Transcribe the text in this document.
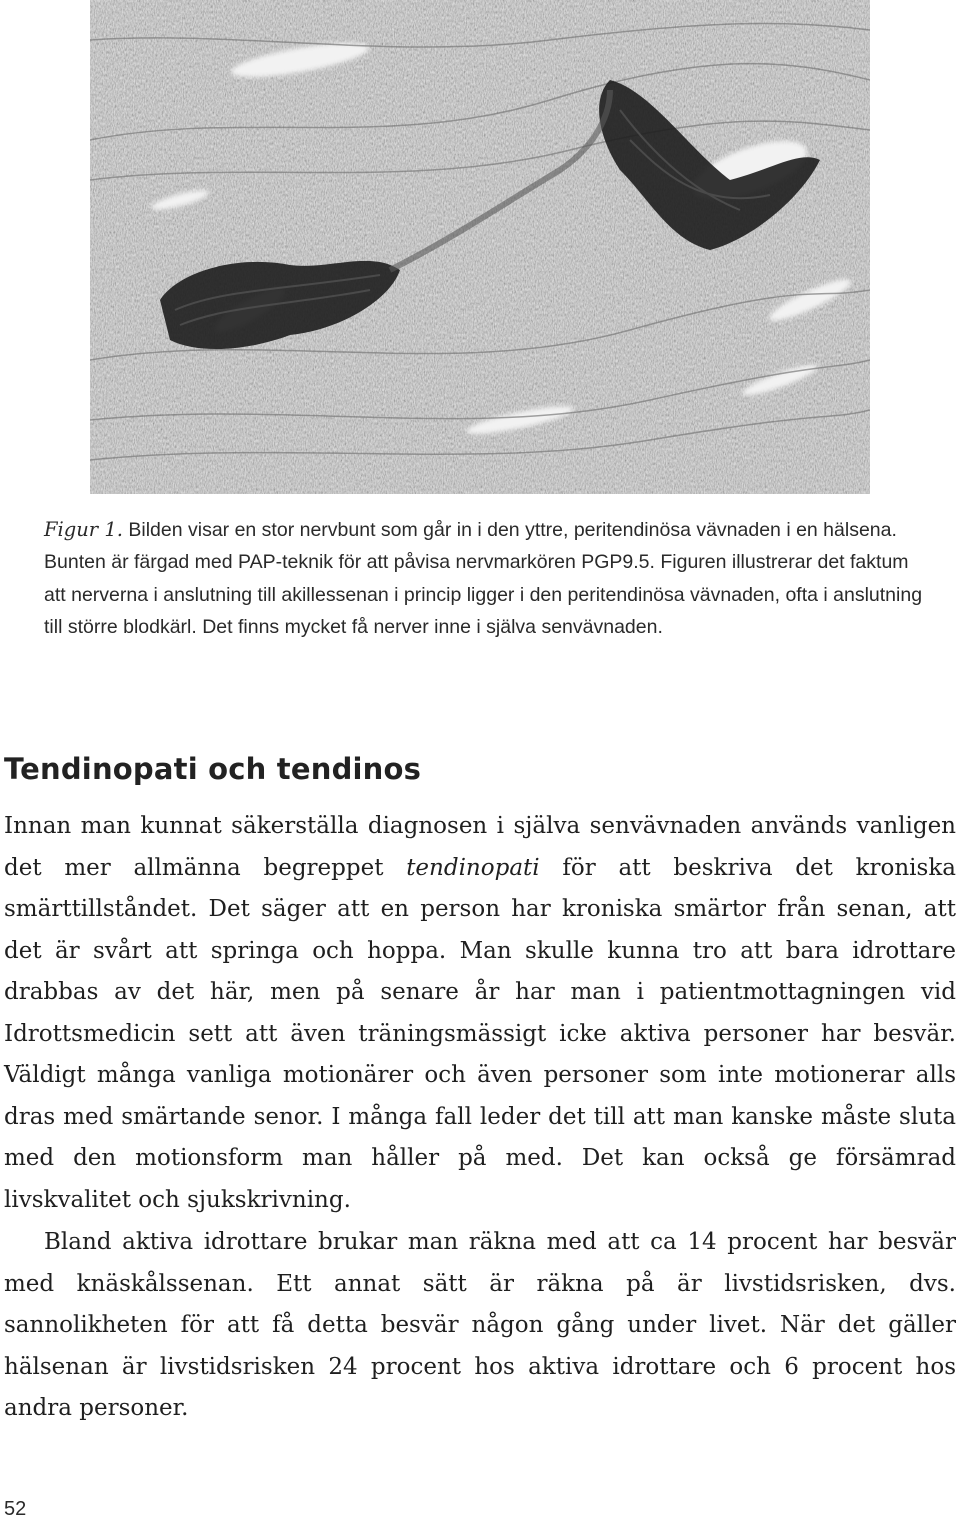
Figur 1. Bilden visar en stor nervbunt som går in i den yttre, peritendinösa vävnaden i en hälsena. Bunten är färgad med PAP-teknik för att påvisa nervmarkören PGP9.5. Figuren illustrerar det faktum att nerverna i anslutning till akillessenan i princip ligger i den peritendinösa vävnaden, ofta i anslutning till större blodkärl. Det finns mycket få nerver inne i själva senvävnaden.

Tendinopati och tendinos

Innan man kunnat säkerställa diagnosen i själva senvävnaden används vanligen det mer allmänna begreppet tendinopati för att beskriva det kroniska smärttillståndet. Det säger att en person har kroniska smärtor från senan, att det är svårt att springa och hoppa. Man skulle kunna tro att bara idrottare drabbas av det här, men på senare år har man i patientmottagningen vid Idrottsmedicin sett att även träningsmässigt icke aktiva personer har besvär. Väldigt många vanliga motionärer och även personer som inte motionerar alls dras med smärtande senor. I många fall leder det till att man kanske måste sluta med den motionsform man håller på med. Det kan också ge försämrad livskvalitet och sjukskrivning.

Bland aktiva idrottare brukar man räkna med att ca 14 procent har besvär med knäskålssenan. Ett annat sätt är räkna på är livstidsrisken, dvs. sannolikheten för att få detta besvär någon gång under livet. När det gäller hälsenan är livstidsrisken 24 procent hos aktiva idrottare och 6 procent hos andra personer.

52
